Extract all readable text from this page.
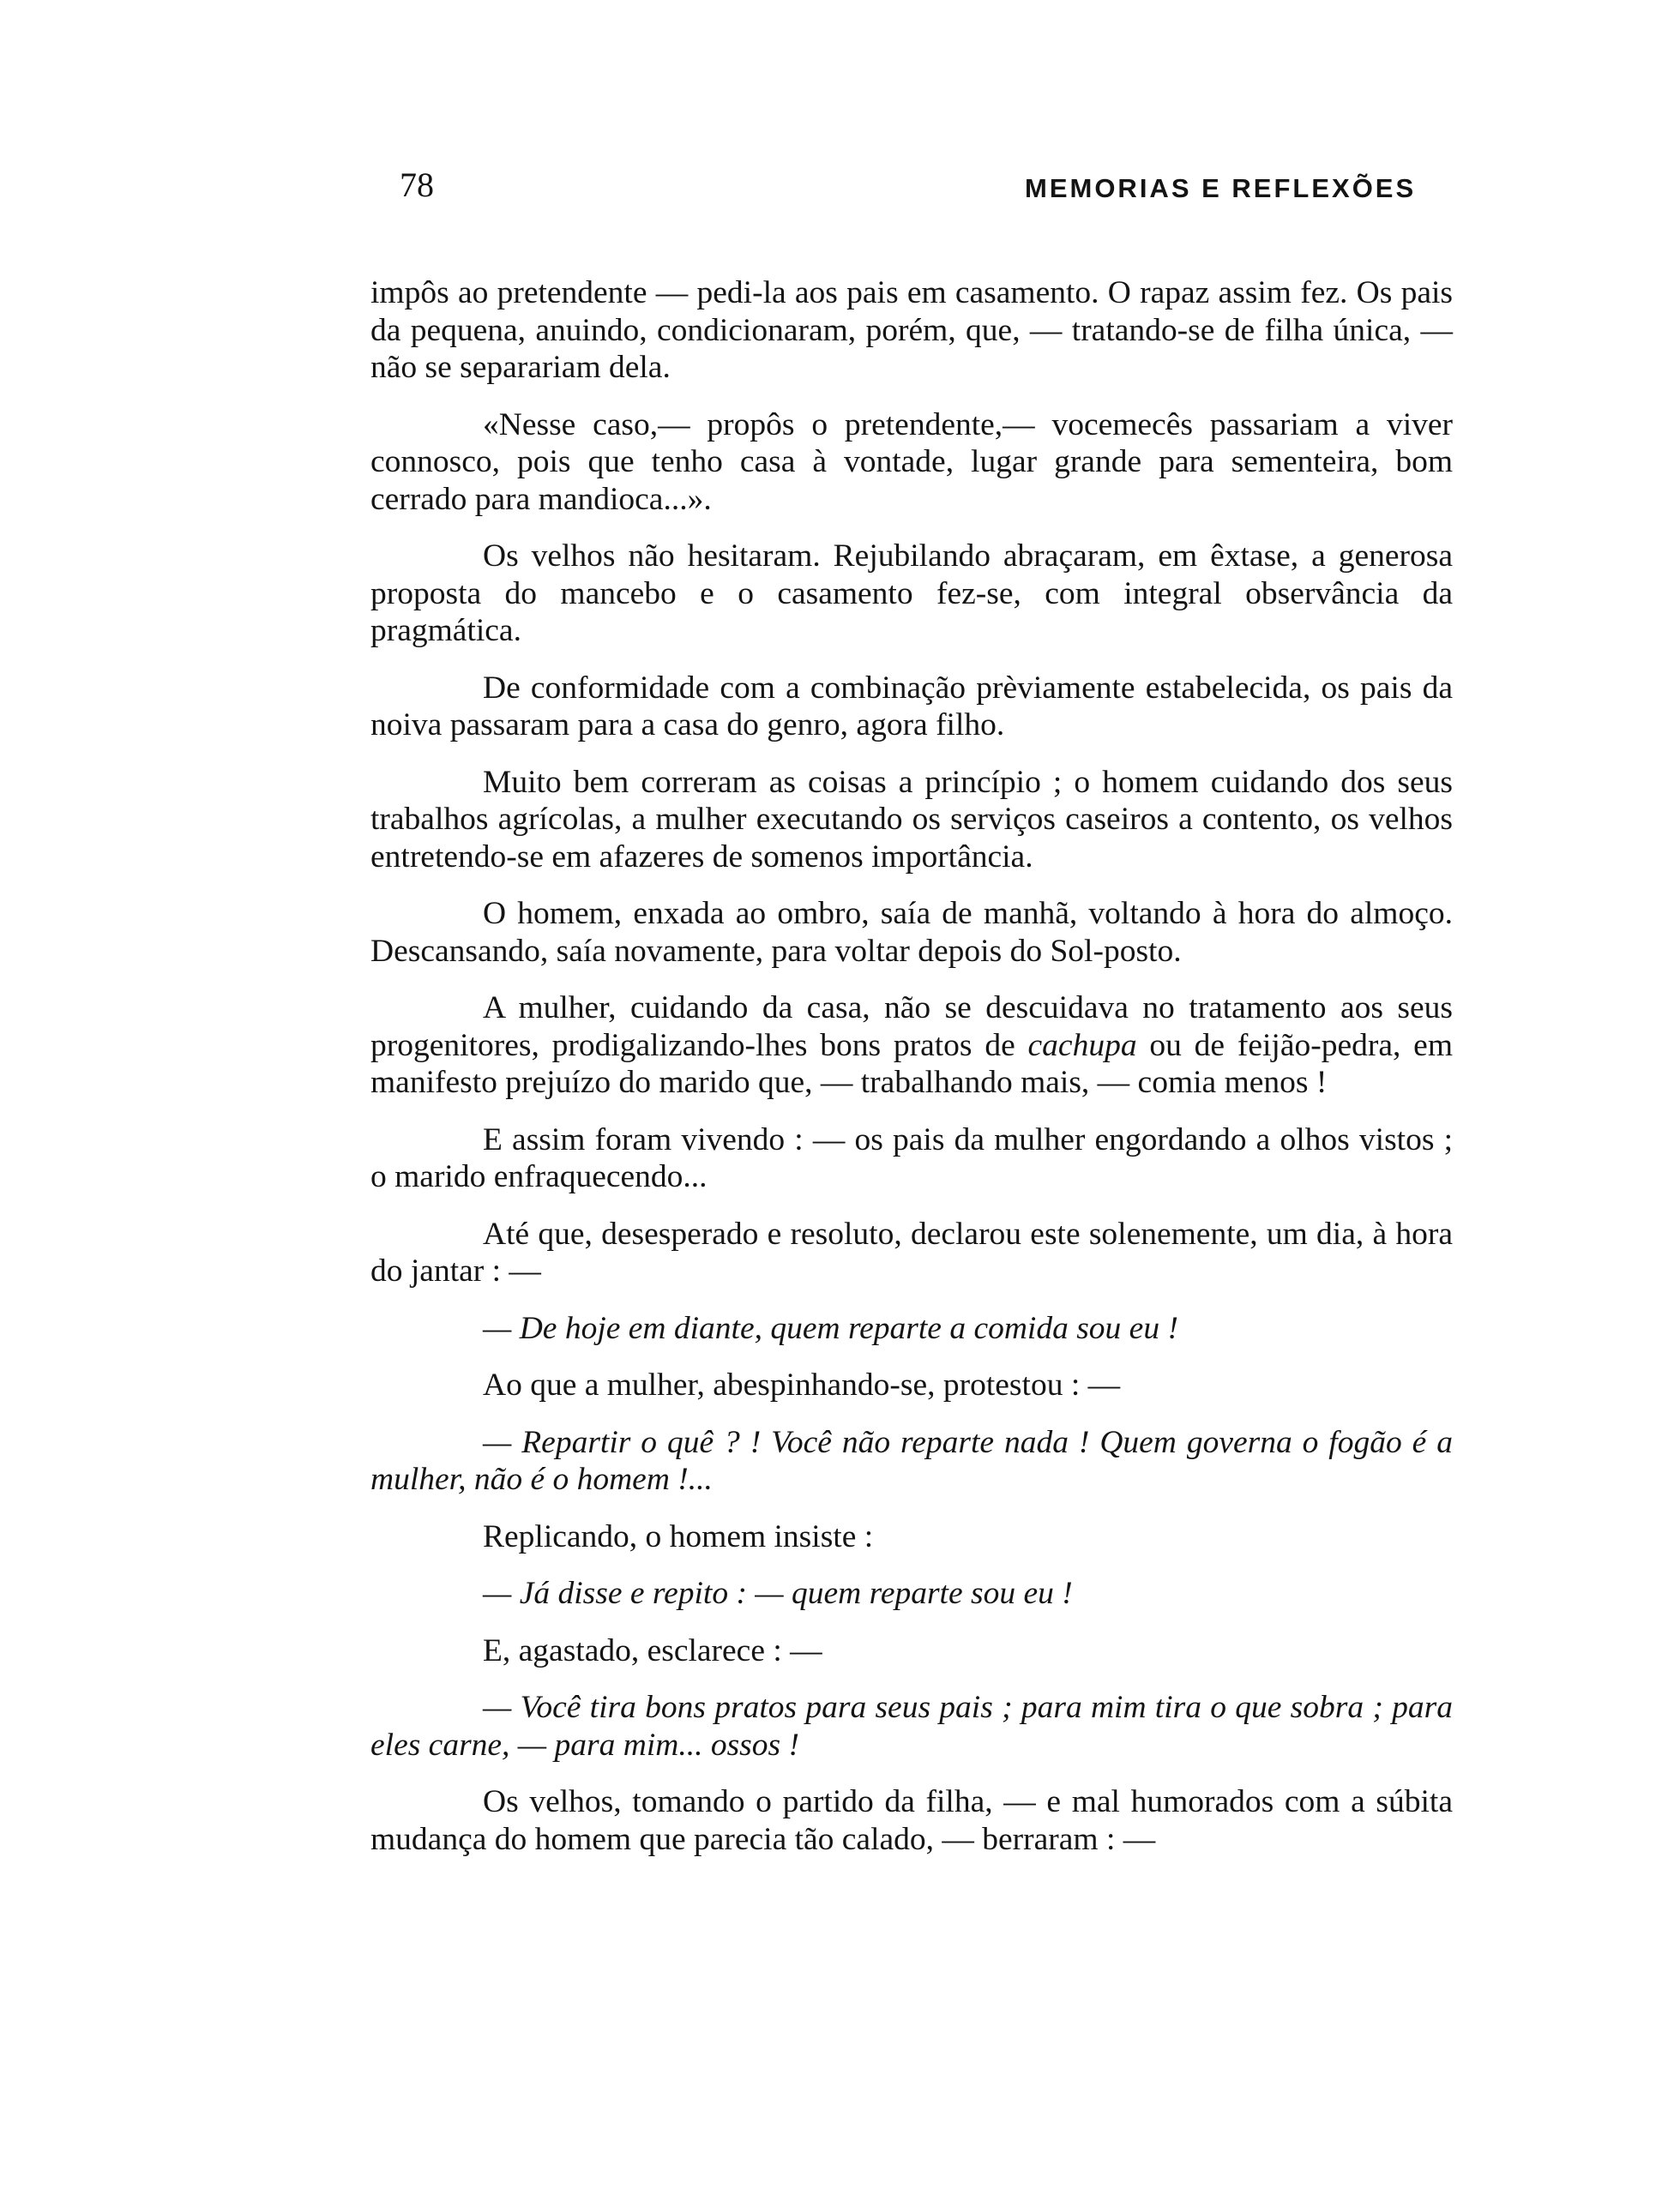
78	MEMORIAS E REFLEXÕES

impôs ao pretendente — pedi-la aos pais em casamento. O rapaz assim fez. Os pais da pequena, anuindo, condicionaram, porém, que, — tratando-se de filha única, — não se separariam dela.

«Nesse caso,— propôs o pretendente,— vocemecês passariam a viver connosco, pois que tenho casa à vontade, lugar grande para sementeira, bom cerrado para mandioca...».

Os velhos não hesitaram. Rejubilando abraçaram, em êxtase, a generosa proposta do mancebo e o casamento fez-se, com integral observância da pragmática.

De conformidade com a combinação prèviamente estabelecida, os pais da noiva passaram para a casa do genro, agora filho.

Muito bem correram as coisas a princípio ; o homem cuidando dos seus trabalhos agrícolas, a mulher executando os serviços caseiros a contento, os velhos entretendo-se em afazeres de somenos importância.

O homem, enxada ao ombro, saía de manhã, voltando à hora do almoço. Descansando, saía novamente, para voltar depois do Sol-posto.

A mulher, cuidando da casa, não se descuidava no tratamento aos seus progenitores, prodigalizando-lhes bons pratos de cachupa ou de feijão-pedra, em manifesto prejuízo do marido que, — trabalhando mais, — comia menos !

E assim foram vivendo : — os pais da mulher engordando a olhos vistos ; o marido enfraquecendo...

Até que, desesperado e resoluto, declarou este solenemente, um dia, à hora do jantar : —

— De hoje em diante, quem reparte a comida sou eu !

Ao que a mulher, abespinhando-se, protestou : —

— Repartir o quê ? ! Você não reparte nada ! Quem governa o fogão é a mulher, não é o homem !...

Replicando, o homem insiste :

— Já disse e repito : — quem reparte sou eu !

E, agastado, esclarece : —

— Você tira bons pratos para seus pais ; para mim tira o que sobra ; para eles carne, — para mim... ossos !

Os velhos, tomando o partido da filha, — e mal humorados com a súbita mudança do homem que parecia tão calado, — berraram : —
